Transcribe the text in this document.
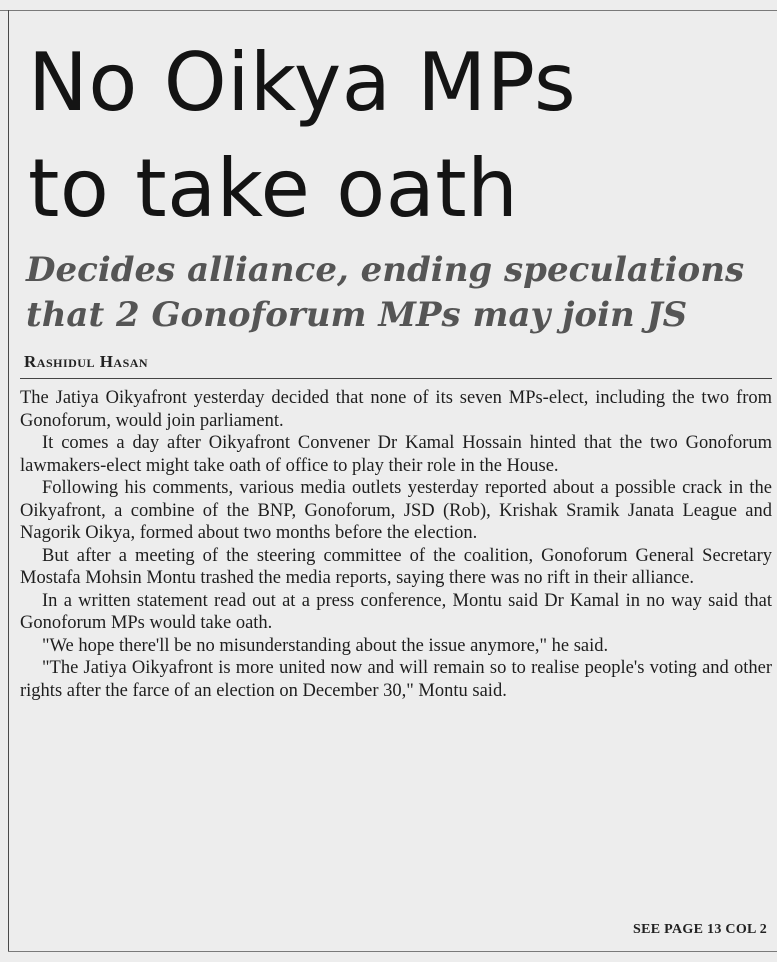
No Oikya MPs
to take oath
Decides alliance, ending speculations
that 2 Gonoforum MPs may join JS
Rashidul Hasan

The Jatiya Oikyafront yesterday decided that none of its seven MPs-elect, including the two from Gonoforum, would join parliament.

It comes a day after Oikyafront Convener Dr Kamal Hossain hinted that the two Gonoforum lawmakers-elect might take oath of office to play their role in the House.

Following his comments, various media outlets yesterday reported about a possible crack in the Oikyafront, a combine of the BNP, Gonoforum, JSD (Rob), Krishak Sramik Janata League and Nagorik Oikya, formed about two months before the election.

But after a meeting of the steering committee of the coalition, Gonoforum General Secretary Mostafa Mohsin Montu trashed the media reports, saying there was no rift in their alliance.

In a written statement read out at a press conference, Montu said Dr Kamal in no way said that Gonoforum MPs would take oath.

"We hope there'll be no misunderstanding about the issue anymore," he said.

"The Jatiya Oikyafront is more united now and will remain so to realise people's voting and other rights after the farce of an election on December 30," Montu said.

SEE PAGE 13 COL 2
